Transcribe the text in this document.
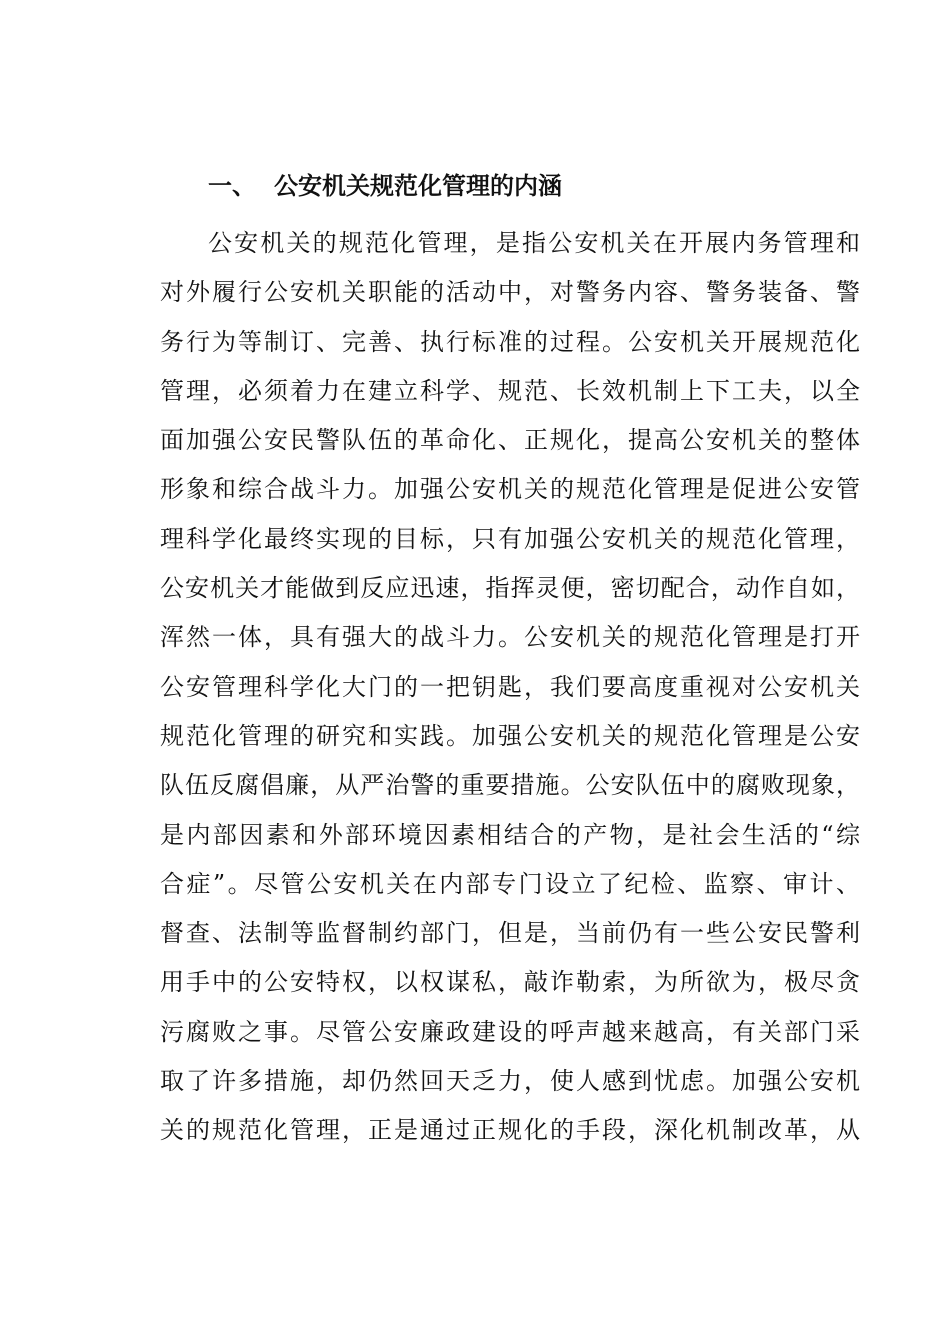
一、 公安机关规范化管理的内涵
公安机关的规范化管理，是指公安机关在开展内务管理和
对外履行公安机关职能的活动中，对警务内容、警务装备、警
务行为等制订、完善、执行标准的过程。公安机关开展规范化
管理，必须着力在建立科学、规范、长效机制上下工夫，以全
面加强公安民警队伍的革命化、正规化，提高公安机关的整体
形象和综合战斗力。加强公安机关的规范化管理是促进公安管
理科学化最终实现的目标，只有加强公安机关的规范化管理，
公安机关才能做到反应迅速，指挥灵便，密切配合，动作自如，
浑然一体，具有强大的战斗力。公安机关的规范化管理是打开
公安管理科学化大门的一把钥匙，我们要高度重视对公安机关
规范化管理的研究和实践。加强公安机关的规范化管理是公安
队伍反腐倡廉，从严治警的重要措施。公安队伍中的腐败现象，
是内部因素和外部环境因素相结合的产物，是社会生活的“综
合症”。尽管公安机关在内部专门设立了纪检、监察、审计、
督查、法制等监督制约部门，但是，当前仍有一些公安民警利
用手中的公安特权，以权谋私，敲诈勒索，为所欲为，极尽贪
污腐败之事。尽管公安廉政建设的呼声越来越高，有关部门采
取了许多措施，却仍然回天乏力，使人感到忧虑。加强公安机
关的规范化管理，正是通过正规化的手段，深化机制改革，从
